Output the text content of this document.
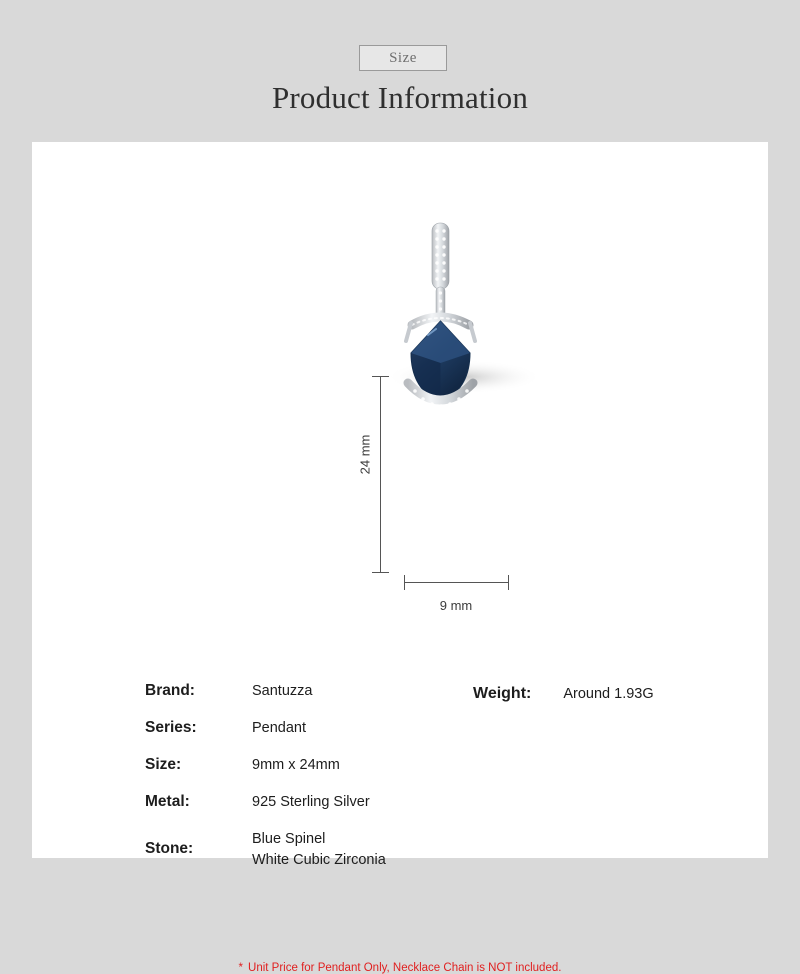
Size
Product Information
24 mm
9 mm
Brand:	Santuzza
Series:	Pendant
Size:	9mm x 24mm
Metal:	925 Sterling Silver
Stone:
Blue Spinel
White Cubic Zirconia
Weight: Around 1.93G
* Unit Price for Pendant Only, Necklace Chain is NOT included.
